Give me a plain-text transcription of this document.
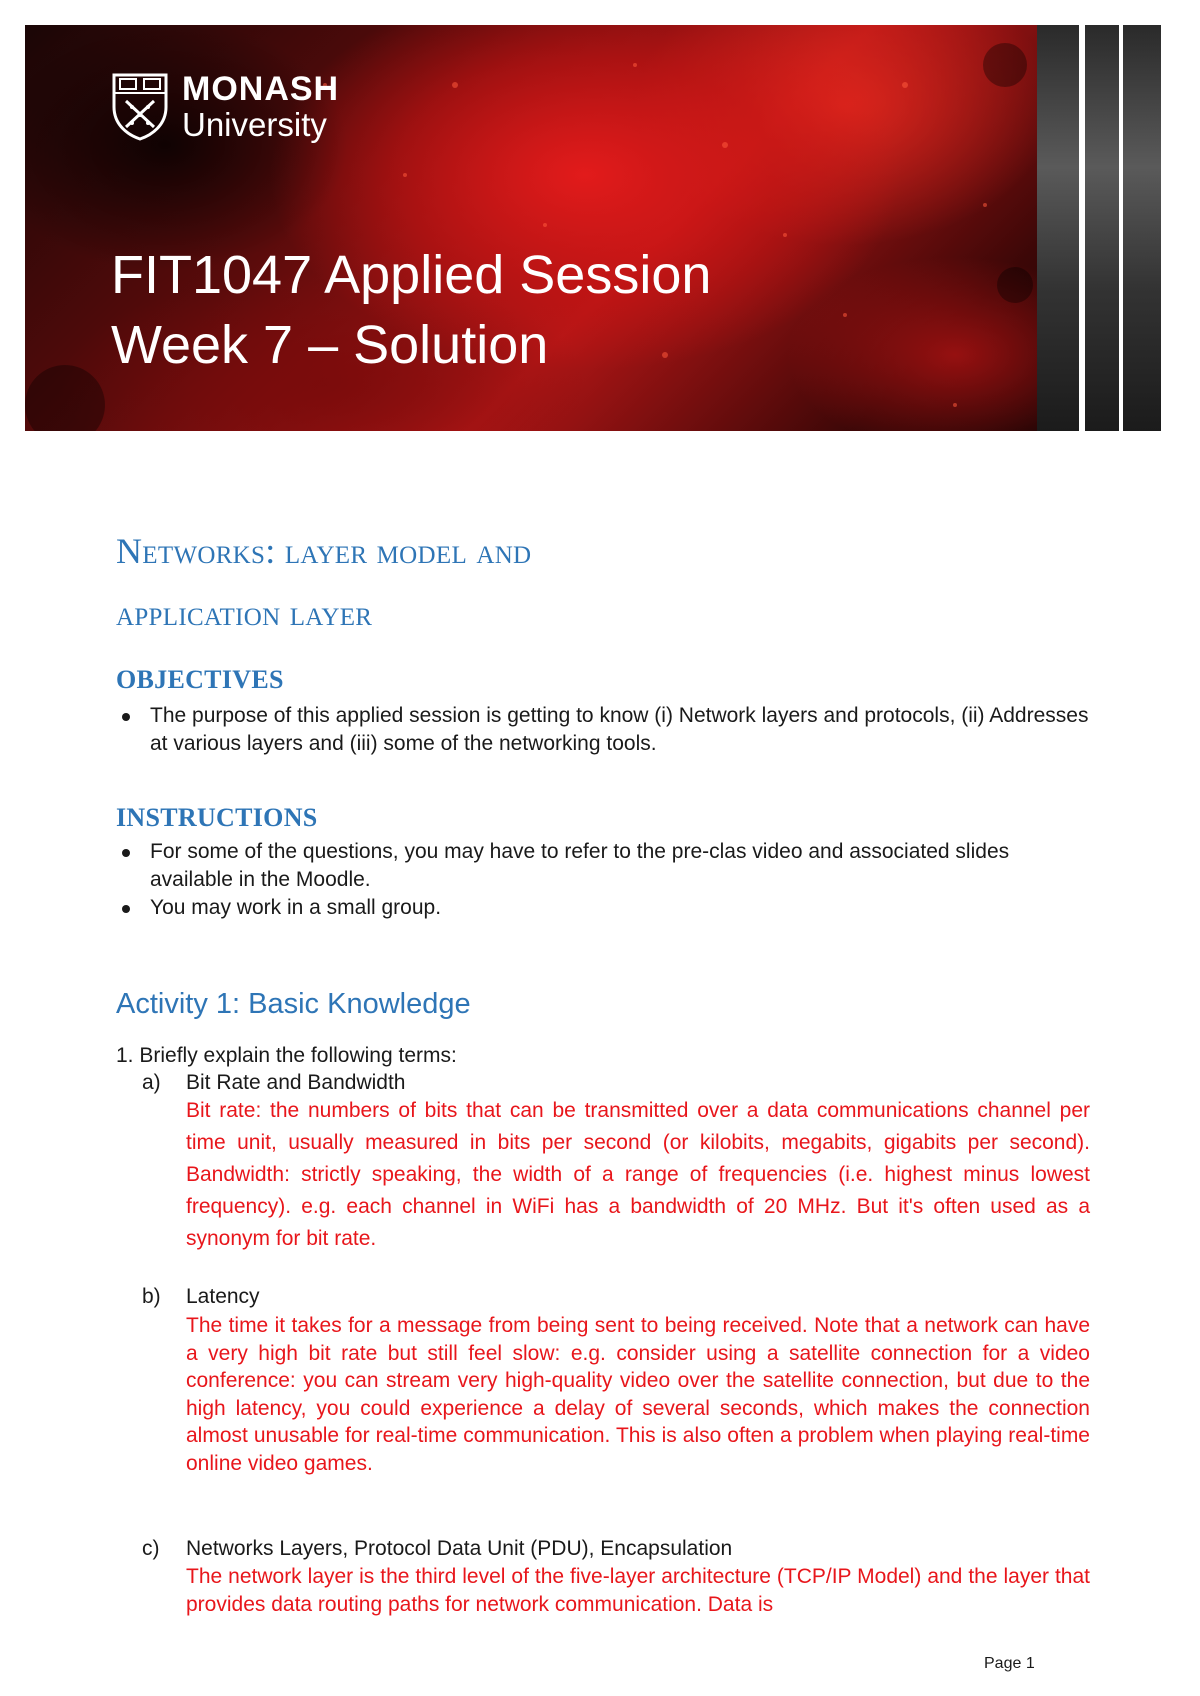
MONASH
University
FIT1047 Applied Session
Week 7 – Solution
Networks: layer model and
application layer
OBJECTIVES
The purpose of this applied session is getting to know (i) Network layers and protocols, (ii) Addresses at various layers and (iii) some of the networking tools.
INSTRUCTIONS
For some of the questions, you may have to refer to the pre-clas video and associated slides available in the Moodle.
You may work in a small group.
Activity 1: Basic Knowledge

1. Briefly explain the following terms:

a) Bit Rate and Bandwidth

Bit rate: the numbers of bits that can be transmitted over a data communications channel per time unit, usually measured in bits per second (or kilobits, megabits, gigabits per second). Bandwidth: strictly speaking, the width of a range of frequencies (i.e. highest minus lowest frequency). e.g. each channel in WiFi has a bandwidth of 20 MHz. But it's often used as a synonym for bit rate.

b) Latency

The time it takes for a message from being sent to being received. Note that a network can have a very high bit rate but still feel slow: e.g. consider using a satellite connection for a video conference: you can stream very high-quality video over the satellite connection, but due to the high latency, you could experience a delay of several seconds, which makes the connection almost unusable for real-time communication. This is also often a problem when playing real-time online video games.

c) Networks Layers, Protocol Data Unit (PDU), Encapsulation

The network layer is the third level of the five-layer architecture (TCP/IP Model) and the layer that provides data routing paths for network communication. Data is

Page 1
